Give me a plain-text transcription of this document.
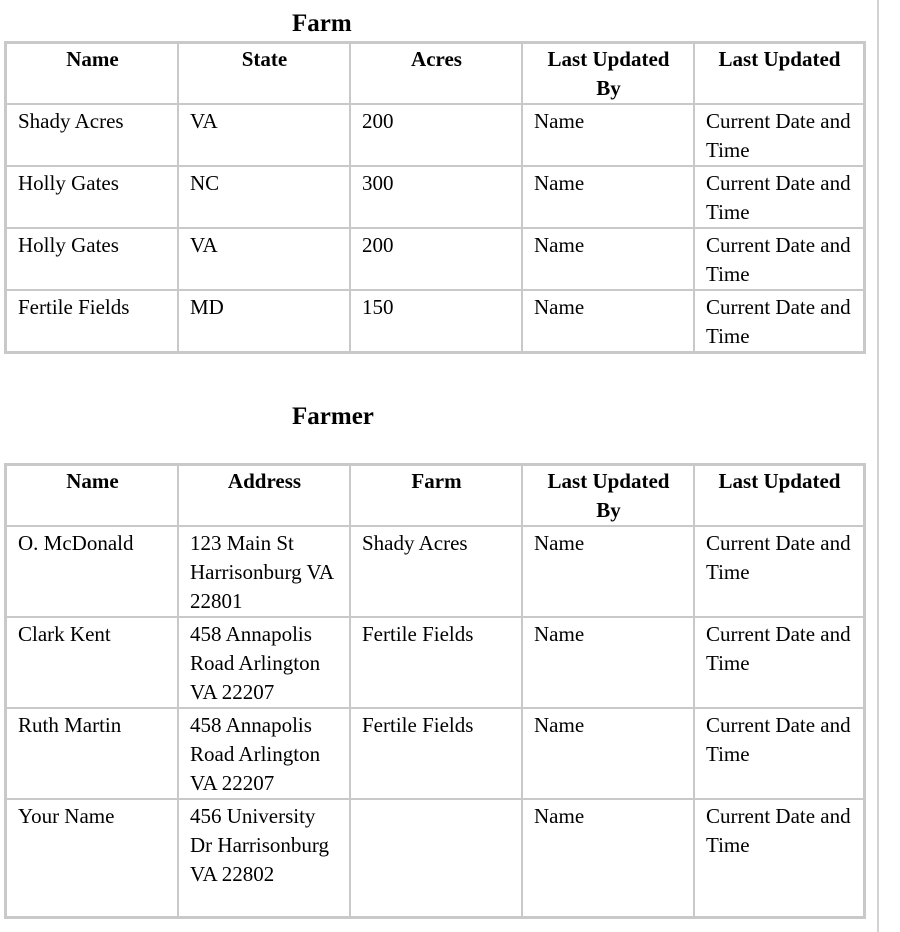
Farm
Name	State	Acres	Last Updated By	Last Updated
Shady Acres	VA	200	Name	Current Date and Time
Holly Gates	NC	300	Name	Current Date and Time
Holly Gates	VA	200	Name	Current Date and Time
Fertile Fields	MD	150	Name	Current Date and Time
Farmer
Name	Address	Farm	Last Updated By	Last Updated
O. McDonald	123 Main St Harrisonburg VA 22801	Shady Acres	Name	Current Date and Time
Clark Kent	458 Annapolis Road Arlington VA 22207	Fertile Fields	Name	Current Date and Time
Ruth Martin	458 Annapolis Road Arlington VA 22207	Fertile Fields	Name	Current Date and Time
Your Name	456 University Dr Harrisonburg VA 22802		Name	Current Date and Time
